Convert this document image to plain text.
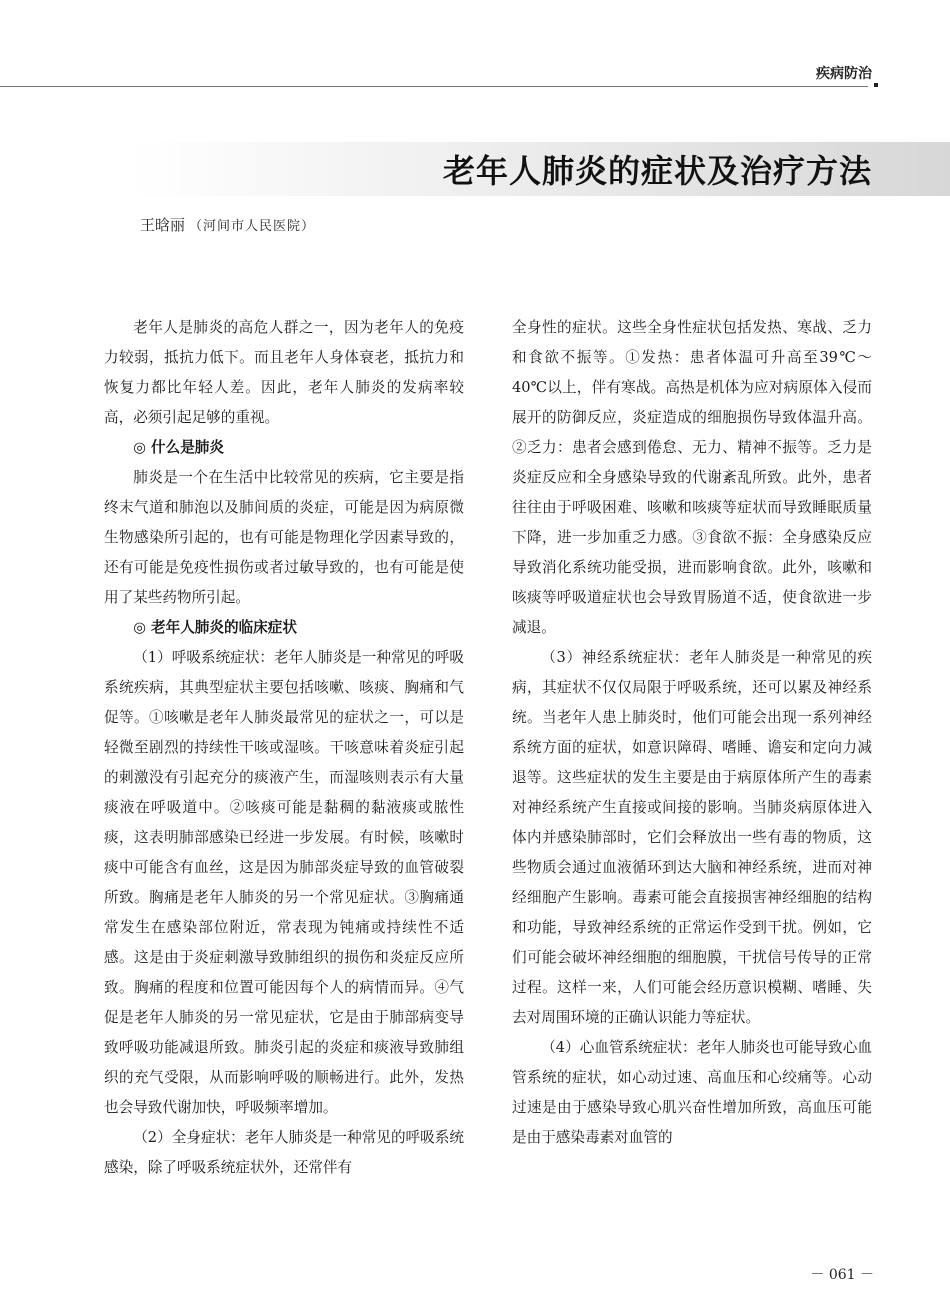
疾病防治
老年人肺炎的症状及治疗方法
王晗丽 （河间市人民医院）

老年人是肺炎的高危人群之一，因为老年人的免疫力较弱，抵抗力低下。而且老年人身体衰老，抵抗力和恢复力都比年轻人差。因此，老年人肺炎的发病率较高，必须引起足够的重视。

◎ 什么是肺炎

肺炎是一个在生活中比较常见的疾病，它主要是指终末气道和肺泡以及肺间质的炎症，可能是因为病原微生物感染所引起的，也有可能是物理化学因素导致的，还有可能是免疫性损伤或者过敏导致的，也有可能是使用了某些药物所引起。

◎ 老年人肺炎的临床症状

（1）呼吸系统症状：老年人肺炎是一种常见的呼吸系统疾病，其典型症状主要包括咳嗽、咳痰、胸痛和气促等。①咳嗽是老年人肺炎最常见的症状之一，可以是轻微至剧烈的持续性干咳或湿咳。干咳意味着炎症引起的刺激没有引起充分的痰液产生，而湿咳则表示有大量痰液在呼吸道中。②咳痰可能是黏稠的黏液痰或脓性痰，这表明肺部感染已经进一步发展。有时候，咳嗽时痰中可能含有血丝，这是因为肺部炎症导致的血管破裂所致。胸痛是老年人肺炎的另一个常见症状。③胸痛通常发生在感染部位附近，常表现为钝痛或持续性不适感。这是由于炎症刺激导致肺组织的损伤和炎症反应所致。胸痛的程度和位置可能因每个人的病情而异。④气促是老年人肺炎的另一常见症状，它是由于肺部病变导致呼吸功能减退所致。肺炎引起的炎症和痰液导致肺组织的充气受限，从而影响呼吸的顺畅进行。此外，发热也会导致代谢加快，呼吸频率增加。

（2）全身症状：老年人肺炎是一种常见的呼吸系统感染，除了呼吸系统症状外，还常伴有

全身性的症状。这些全身性症状包括发热、寒战、乏力和食欲不振等。①发热：患者体温可升高至39℃～40℃以上，伴有寒战。高热是机体为应对病原体入侵而展开的防御反应，炎症造成的细胞损伤导致体温升高。②乏力：患者会感到倦怠、无力、精神不振等。乏力是炎症反应和全身感染导致的代谢紊乱所致。此外，患者往往由于呼吸困难、咳嗽和咳痰等症状而导致睡眠质量下降，进一步加重乏力感。③食欲不振：全身感染反应导致消化系统功能受损，进而影响食欲。此外，咳嗽和咳痰等呼吸道症状也会导致胃肠道不适，使食欲进一步减退。

（3）神经系统症状：老年人肺炎是一种常见的疾病，其症状不仅仅局限于呼吸系统，还可以累及神经系统。当老年人患上肺炎时，他们可能会出现一系列神经系统方面的症状，如意识障碍、嗜睡、谵妄和定向力减退等。这些症状的发生主要是由于病原体所产生的毒素对神经系统产生直接或间接的影响。当肺炎病原体进入体内并感染肺部时，它们会释放出一些有毒的物质，这些物质会通过血液循环到达大脑和神经系统，进而对神经细胞产生影响。毒素可能会直接损害神经细胞的结构和功能，导致神经系统的正常运作受到干扰。例如，它们可能会破坏神经细胞的细胞膜，干扰信号传导的正常过程。这样一来，人们可能会经历意识模糊、嗜睡、失去对周围环境的正确认识能力等症状。

（4）心血管系统症状：老年人肺炎也可能导致心血管系统的症状，如心动过速、高血压和心绞痛等。心动过速是由于感染导致心肌兴奋性增加所致，高血压可能是由于感染毒素对血管的

－ 061 －
